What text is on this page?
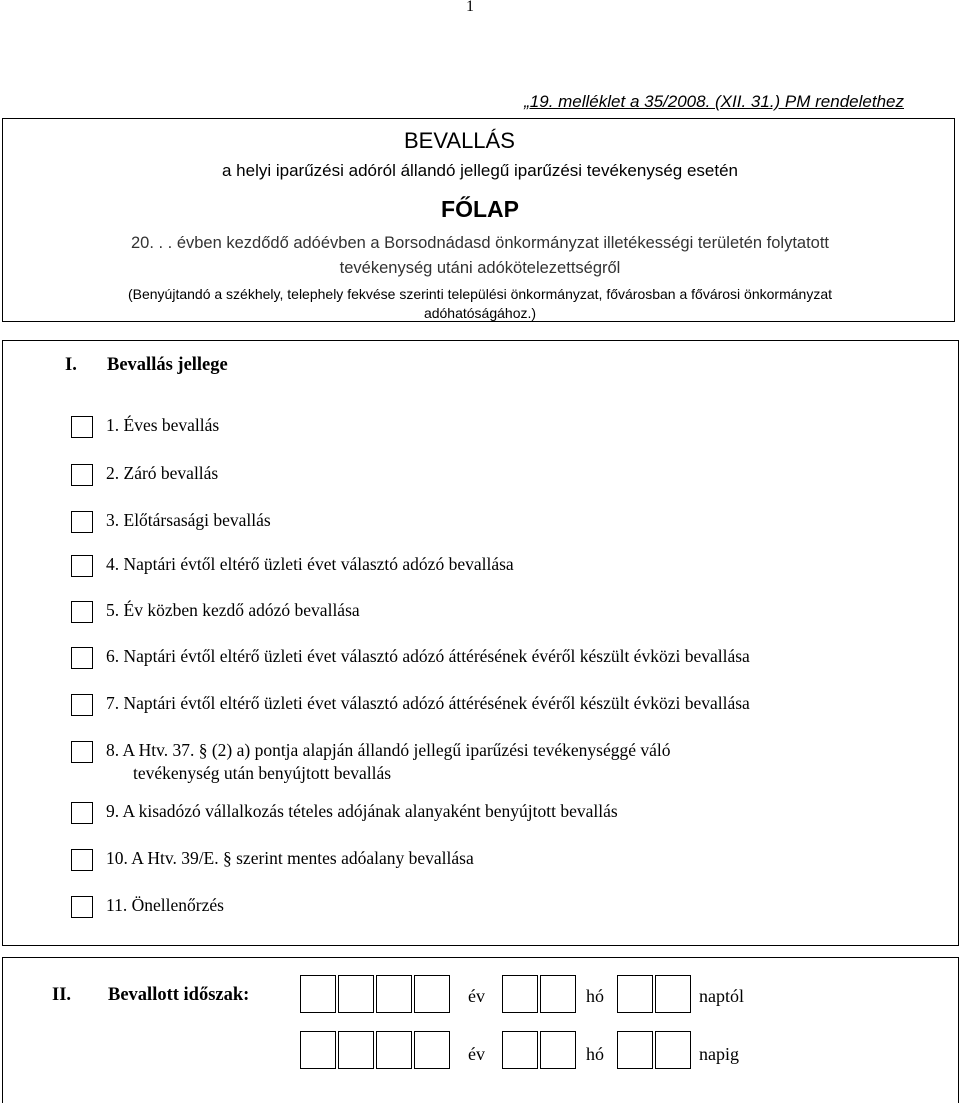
1
„19. melléklet a 35/2008. (XII. 31.) PM rendelethez
BEVALLÁS
a helyi iparűzési adóról állandó jellegű iparűzési tevékenység esetén
FŐLAP
20. . . évben kezdődő adóévben a Borsodnádasd önkormányzat illetékességi területén folytatott
tevékenység utáni adókötelezettségről
(Benyújtandó a székhely, telephely fekvése szerinti települési önkormányzat, fővárosban a fővárosi önkormányzat
adóhatóságához.)
I. Bevallás jellege
1. Éves bevallás
2. Záró bevallás
3. Előtársasági bevallás
4. Naptári évtől eltérő üzleti évet választó adózó bevallása
5. Év közben kezdő adózó bevallása
6. Naptári évtől eltérő üzleti évet választó adózó áttérésének évéről készült évközi bevallása
7. Naptári évtől eltérő üzleti évet választó adózó áttérésének évéről készült évközi bevallása
8. A Htv. 37. § (2) a) pontja alapján állandó jellegű iparűzési tevékenységgé váló
tevékenység után benyújtott bevallás
9. A kisadózó vállalkozás tételes adójának alanyaként benyújtott bevallás
10. A Htv. 39/E. § szerint mentes adóalany bevallása
11. Önellenőrzés
II. Bevallott időszak:	év	hó	naptól
év	hó	napig
